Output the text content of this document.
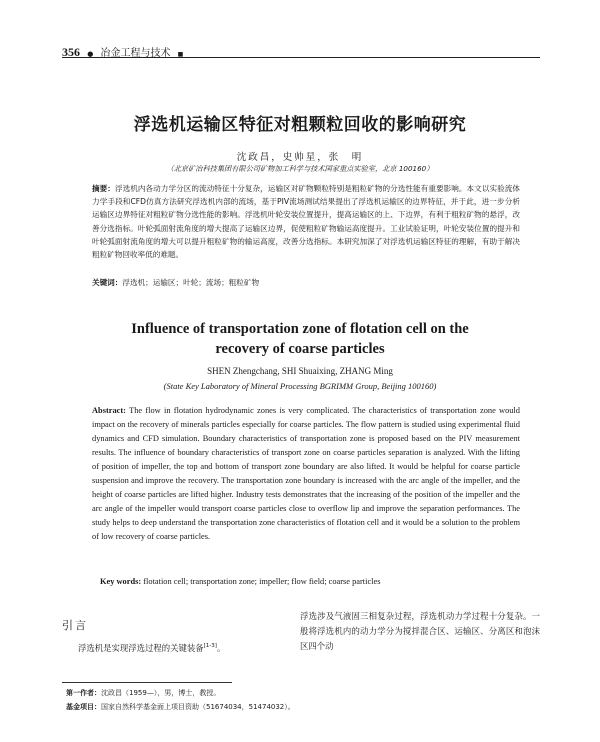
356 ● 冶金工程与技术 ■
浮选机运输区特征对粗颗粒回收的影响研究
沈政昌，史帅星，张　明
（北京矿冶科技集团有限公司矿物加工科学与技术国家重点实验室，北京 100160）
摘要：浮选机内各动力学分区的流动特征十分复杂，运输区对矿物颗粒特别是粗粒矿物的分选性能有重要影响。本文以实验流体力学手段和CFD仿真方法研究浮选机内部的流场，基于PIV流场测试结果提出了浮选机运输区的边界特征，并于此，进一步分析运输区边界特征对粗粒矿物分选性能的影响。浮选机叶轮安装位置提升，提高运输区的上、下边界，有利于粗粒矿物的悬浮，改善分选指标。叶轮弧面射流角度的增大提高了运输区边界，促使粗粒矿物输运高度提升。工业试验证明，叶轮安装位置的提升和叶轮弧面射流角度的增大可以提升粗粒矿物的输运高度，改善分选指标。本研究加深了对浮选机运输区特征的理解，有助于解决粗粒矿物回收率低的难题。
关键词：浮选机；运输区；叶轮；流场；粗粒矿物
Influence of transportation zone of flotation cell on the
recovery of coarse particles
SHEN Zhengchang, SHI Shuaixing, ZHANG Ming
(State Key Laboratory of Mineral Processing BGRIMM Group, Beijing 100160)
Abstract: The flow in flotation hydrodynamic zones is very complicated. The characteristics of transportation zone would impact on the recovery of minerals particles especially for coarse particles. The flow pattern is studied using experimental fluid dynamics and CFD simulation. Boundary characteristics of transportation zone is proposed based on the PIV measurement results. The influence of boundary characteristics of transport zone on coarse particles separation is analyzed. With the lifting of position of impeller, the top and bottom of transport zone boundary are also lifted. It would be helpful for coarse particle suspension and improve the recovery. The transportation zone boundary is increased with the arc angle of the impeller, and the height of coarse particles are lifted higher. Industry tests demonstrates that the increasing of the position of the impeller and the arc angle of the impeller would transport coarse particles close to overflow lip and improve the separation performances. The study helps to deep understand the transportation zone characteristics of flotation cell and it would be a solution to the problem of low recovery of coarse particles.
Key words: flotation cell; transportation zone; impeller; flow field; coarse particles
引言
浮选机是实现浮选过程的关键装备[1-3]。
浮选涉及气液固三相复杂过程，浮选机动力学过程十分复杂。一般将浮选机内的动力学分为搅拌混合区、运输区、分离区和泡沫区四个动
第一作者：沈政昌（1959—），男，博士，教授。
基金项目：国家自然科学基金面上项目资助（51674034，51474032）。
